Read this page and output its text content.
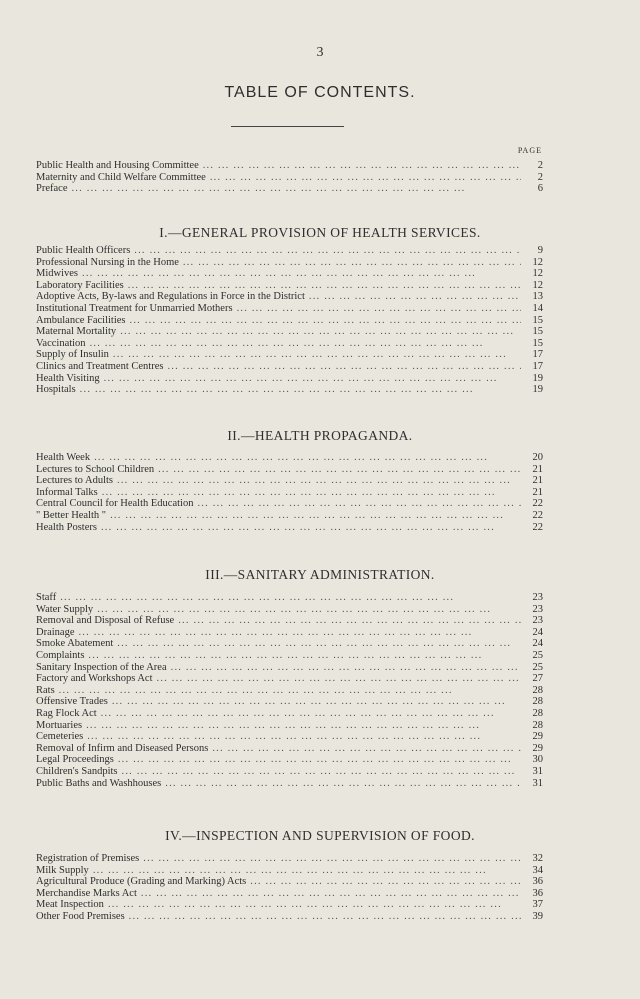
3
TABLE OF CONTENTS.
PAGE
Public Health and Housing Committee ... .	2
Maternity and Child Welfare Committee ... .	2
Preface ... .	6
I.—GENERAL PROVISION OF HEALTH SERVICES.
Public Health Officers ... .	9
Professional Nursing in the Home ... .	12
Midwives ... .	12
Laboratory Facilities ... .	12
Adoptive Acts, By-laws and Regulations in Force in the District ... .	13
Institutional Treatment for Unmarried Mothers ... .	14
Ambulance Facilities ... .	15
Maternal Mortality ... .	15
Vaccination ... .	15
Supply of Insulin ... .	17
Clinics and Treatment Centres ... .	17
Health Visiting ... .	19
Hospitals ... .	19
II.—HEALTH PROPAGANDA.
Health Week ... .	20
Lectures to School Children ... .	21
Lectures to Adults ... .	21
Informal Talks ... .	21
Central Council for Health Education ... .	22
" Better Health " ... .	22
Health Posters ... .	22
III.—SANITARY ADMINISTRATION.
Staff ... .	23
Water Supply ... .	23
Removal and Disposal of Refuse ... .	23
Drainage ... .	24
Smoke Abatement ... .	24
Complaints ... .	25
Sanitary Inspection of the Area ... .	25
Factory and Workshops Act ... .	27
Rats ... .	28
Offensive Trades ... .	28
Rag Flock Act ... .	28
Mortuaries ... .	28
Cemeteries ... .	29
Removal of Infirm and Diseased Persons ... .	29
Legal Proceedings ... .	30
Children's Sandpits ... .	31
Public Baths and Washhouses ... .	31
IV.—INSPECTION AND SUPERVISION OF FOOD.
Registration of Premises ... .	32
Milk Supply ... .	34
Agricultural Produce (Grading and Marking) Acts ... .	36
Merchandise Marks Act ... .	36
Meat Inspection ... .	37
Other Food Premises ... .	39
